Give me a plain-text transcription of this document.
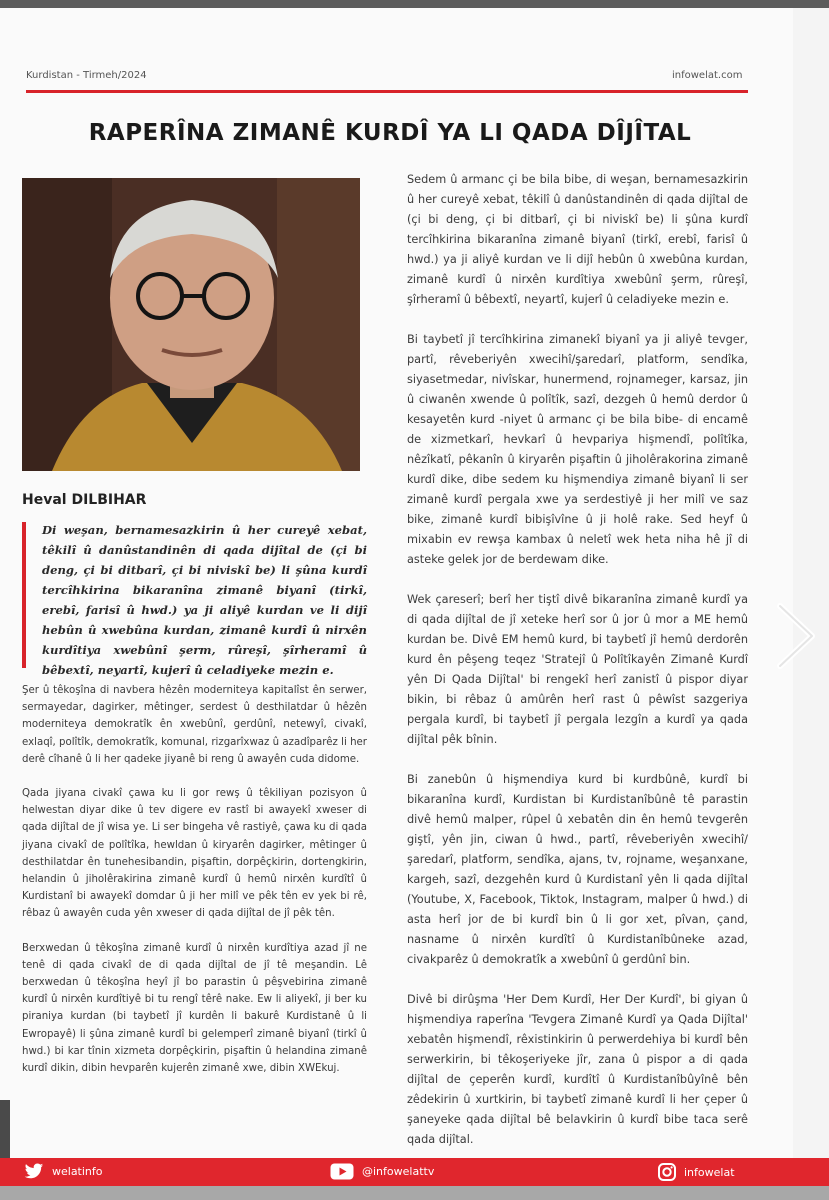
Kurdistan - Tirmeh/2024	infowelat.com
RAPERÎNA ZIMANÊ KURDÎ YA LI QADA DÎJÎTAL
Heval DILBIHAR

Di weşan, bernamesazkirin û her cureyê xebat, têkilî û danûstandinên di qada dijîtal de (çi bi deng, çi bi ditbarî, çi bi niviskî be) li şûna kurdî tercîhkirina bikaranîna zimanê biyanî (tirkî, erebî, farisî û hwd.) ya ji aliyê kurdan ve li dijî hebûn û xwebûna kurdan, zimanê kurdî û nirxên kurdîtiya xwebûnî şerm, rûreşî, şîrheramî û bêbextî, neyartî, kujerî û celadiyeke mezin e.

Şer û têkoşîna di navbera hêzên moderniteya kapitalîst ên serwer, sermayedar, dagirker, mêtinger, serdest û desthilatdar û hêzên moderniteya demokratîk ên xwebûnî, gerdûnî, netewyî, civakî, exlaqî, polîtîk, demokratîk, komunal, rizgarîxwaz û azadîparêz li her derê cîhanê û li her qadeke jiyanê bi reng û awayên cuda didome.

Qada jiyana civakî çawa ku li gor rewş û têkiliyan pozisyon û helwestan diyar dike û tev digere ev rastî bi awayekî xweser di qada dijîtal de jî wisa ye. Li ser bingeha vê rastiyê, çawa ku di qada jiyana civakî de polîtîka, hewldan û kiryarên dagirker, mêtinger û desthilatdar ên tunehesibandin, pişaftin, dorpêçkirin, dortengkirin, helandin û jiholêrakirina zimanê kurdî û hemû nirxên kurdîtî û Kurdistanî bi awayekî domdar û ji her milî ve pêk tên ev yek bi rê, rêbaz û awayên cuda yên xweser di qada dijîtal de jî pêk tên.

Berxwedan û têkoşîna zimanê kurdî û nirxên kurdîtiya azad jî ne tenê di qada civakî de di qada dijîtal de jî tê meşandin. Lê berxwedan û têkoşîna heyî jî bo parastin û pêşvebirina zimanê kurdî û nirxên kurdîtiyê bi tu rengî têrê nake. Ew li aliyekî, ji ber ku piraniya kurdan (bi taybetî jî kurdên li bakurê Kurdistanê û li Ewropayê) li şûna zimanê kurdî bi gelemperî zimanê biyanî (tirkî û hwd.) bi kar tînin xizmeta dorpêçkirin, pişaftin û helandina zimanê kurdî dikin, dibin hevparên kujerên zimanê xwe, dibin XWEkuj.

Sedem û armanc çi be bila bibe, di weşan, bernamesazkirin û her cureyê xebat, têkilî û danûstandinên di qada dijîtal de (çi bi deng, çi bi ditbarî, çi bi niviskî be) li şûna kurdî tercîhkirina bikaranîna zimanê biyanî (tirkî, erebî, farisî û hwd.) ya ji aliyê kurdan ve li dijî hebûn û xwebûna kurdan, zimanê kurdî û nirxên kurdîtiya xwebûnî şerm, rûreşî, şîrheramî û bêbextî, neyartî, kujerî û celadiyeke mezin e.

Bi taybetî jî tercîhkirina zimanekî biyanî ya ji aliyê tevger, partî, rêveberiyên xwecihî/şaredarî, platform, sendîka, siyasetmedar, nivîskar, hunermend, rojnameger, karsaz, jin û ciwanên xwende û polîtîk, sazî, dezgeh û hemû derdor û kesayetên kurd -niyet û armanc çi be bila bibe- di encamê de xizmetkarî, hevkarî û hevpariya hişmendî, polîtîka, nêzîkatî, pêkanîn û kiryarên pişaftin û jiholêrakorina zimanê kurdî dike, dibe sedem ku hişmendiya zimanê biyanî li ser zimanê kurdî pergala xwe ya serdestiyê ji her milî ve saz bike, zimanê kurdî bibişîvîne û ji holê rake. Sed heyf û mixabin ev rewşa kambax û neletî wek heta niha hê jî di asteke gelek jor de berdewam dike.

Wek çareserî; berî her tiştî divê bikaranîna zimanê kurdî ya di qada dijîtal de jî xeteke herî sor û jor û mor a ME hemû kurdan be. Divê EM hemû kurd, bi taybetî jî hemû derdorên kurd ên pêşeng teqez 'Stratejî û Polîtîkayên Zimanê Kurdî yên Di Qada Dijîtal' bi rengekî herî zanistî û pispor diyar bikin, bi rêbaz û amûrên herî rast û pêwîst sazgeriya pergala kurdî, bi taybetî jî pergala lezgîn a kurdî ya qada dijîtal pêk bînin.

Bi zanebûn û hişmendiya kurd bi kurdbûnê, kurdî bi bikaranîna kurdî, Kurdistan bi Kurdistanîbûnê tê parastin divê hemû malper, rûpel û xebatên din ên hemû tevgerên giştî, yên jin, ciwan û hwd., partî, rêveberiyên xwecihî/şaredarî, platform, sendîka, ajans, tv, rojname, weşanxane, kargeh, sazî, dezgehên kurd û Kurdistanî yên li qada dijîtal (Youtube, X, Facebook, Tiktok, Instagram, malper û hwd.) di asta herî jor de bi kurdî bin û li gor xet, pîvan, çand, nasname û nirxên kurdîtî û Kurdistanîbûneke azad, civakparêz û demokratîk a xwebûnî û gerdûnî bin.

Divê bi dirûşma 'Her Dem Kurdî, Her Der Kurdî', bi giyan û hişmendiya raperîna 'Tevgera Zimanê Kurdî ya Qada Dijîtal' xebatên hişmendî, rêxistinkirin û perwerdehiya bi kurdî bên serwerkirin, bi têkoşeriyeke jîr, zana û pispor a di qada dijîtal de çeperên kurdî, kurdîtî û Kurdistanîbûyînê bên zêdekirin û xurtkirin, bi taybetî zimanê kurdî li her çeper û şaneyeke qada dijîtal bê belavkirin û kurdî bibe taca serê qada dijîtal.

welatinfo	@infowelattv	infowelat
